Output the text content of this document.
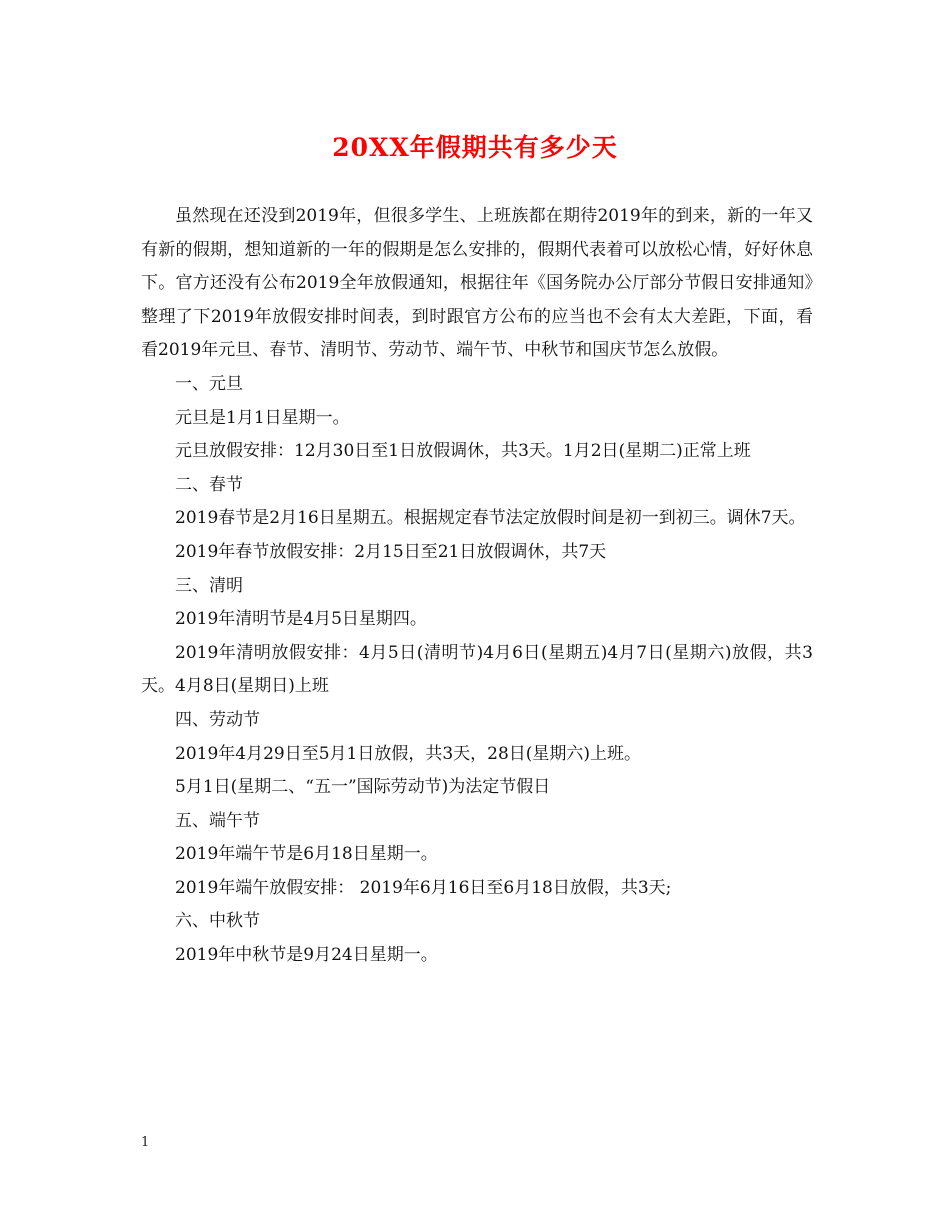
20XX年假期共有多少天

虽然现在还没到2019年，但很多学生、上班族都在期待2019年的到来，新的一年又有新的假期，想知道新的一年的假期是怎么安排的，假期代表着可以放松心情，好好休息下。官方还没有公布2019全年放假通知，根据往年《国务院办公厅部分节假日安排通知》整理了下2019年放假安排时间表，到时跟官方公布的应当也不会有太大差距，下面，看看2019年元旦、春节、清明节、劳动节、端午节、中秋节和国庆节怎么放假。

一、元旦

元旦是1月1日星期一。

元旦放假安排：12月30日至1日放假调休，共3天。1月2日(星期二)正常上班

二、春节

2019春节是2月16日星期五。根据规定春节法定放假时间是初一到初三。调休7天。

2019年春节放假安排：2月15日至21日放假调休，共7天

三、清明

2019年清明节是4月5日星期四。

2019年清明放假安排：4月5日(清明节)4月6日(星期五)4月7日(星期六)放假，共3天。4月8日(星期日)上班

四、劳动节

2019年4月29日至5月1日放假，共3天，28日(星期六)上班。

5月1日(星期二、“五一”国际劳动节)为法定节假日

五、端午节

2019年端午节是6月18日星期一。

2019年端午放假安排： 2019年6月16日至6月18日放假，共3天;

六、中秋节

2019年中秋节是9月24日星期一。

1
